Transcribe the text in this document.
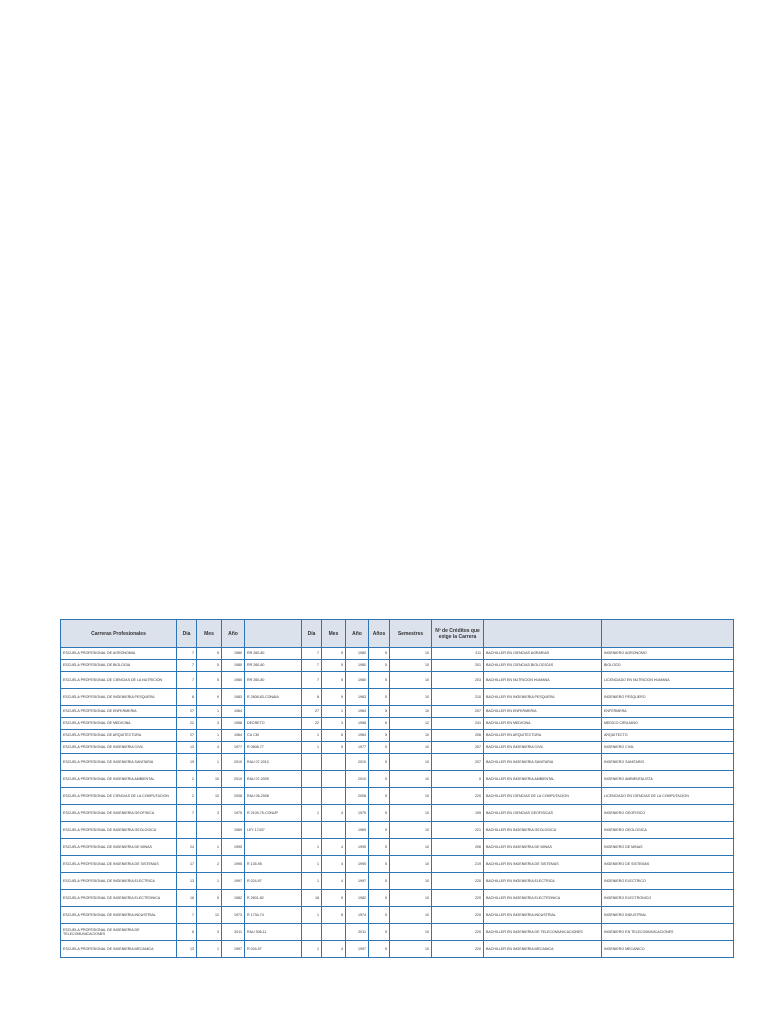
Carreras Profesionales	Día	Mes	Año		Día	Mes	Año	Años	Semestres	Nº de Créditos que exige la Carrera		
ESCUELA PROFESIONAL DE AGRONOMIA	7	5	1980	RR 260-80	7	5	1980	5	10	211	BACHILLER EN CIENCIAS AGRARIAS	INGENIERO AGRONOMO
ESCUELA PROFESIONAL DE BIOLOGIA	7	5	1980	RR 260-80	7	5	1980	5	10	201	BACHILLER EN CIENCIAS BIOLOGICAS	BIOLOGO
ESCUELA PROFESIONAL DE CIENCIAS DE LA NUTRICION	7	5	1980	RR 260-80	7	5	1980	5	10	203	BACHILLER EN NUTRICION HUMANA	LICENCIADO EN NUTRICION HUMANA
ESCUELA PROFESIONAL DE INGENIERIA PESQUERA	8	9	1983	R 2808-83-CONAIA	8	9	1983	5	10	210	BACHILLER EN INGENIERIA PESQUERA	INGENIERO PESQUERO
ESCUELA PROFESIONAL DE ENFERMERIA	27	1	1964		27	1	1964	5	10	207	BACHILLER EN ENFERMERIA	ENFERMERA
ESCUELA PROFESIONAL DE MEDICINA	22	3	1958	DECRETO	22	3	1958	6	12	241	BACHILLER EN MEDICINA	MEDICO CIRUJANO
ESCUELA PROFESIONAL DE ARQUITECTURA	27	1	1964	CU CM	1	6	1964	5	10	206	BACHILLER EN ARQUITECTURA	ARQUITECTO
ESCUELA PROFESIONAL DE INGENIERIA CIVIL	13	4	1977	R 0808-77	1	5	1977	5	10	207	BACHILLER EN INGENIERIA CIVIL	INGENIERO CIVIL
ESCUELA PROFESIONAL DE INGENIERIA SANITARIA	19	1	2010	RAU 07-2010			2010	5	10	207	BACHILLER EN INGENIERIA SANITARIA	INGENIERO SANITARIO
ESCUELA PROFESIONAL DE INGENIERIA AMBIENTAL	2	10	2010	RAU 07-2009			2010	5	10	0	BACHILLER EN INGENIERIA AMBIENTAL	INGENIERO AMBIENTALISTA
ESCUELA PROFESIONAL DE CIENCIAS DE LA COMPUTACION	2	10	2008	RAU 06-2008			2008	5	10	220	BACHILLER EN CIENCIAS DE LA COMPUTACION	LICENCIADO EN CIENCIAS DE LA COMPUTACION
ESCUELA PROFESIONAL DE INGENIERIA GEOFISICA	7	3	1975	R 2109-75-CONUP	1	4	1975	5	10	199	BACHILLER EN CIENCIAS GEOFISICAS	INGENIERO GEOFISICO
ESCUELA PROFESIONAL DE INGENIERIA GEOLOGICA			1969	LEY 17437			1969	5	10	221	BACHILLER EN INGENIERIA GEOLOGICA	INGENIERO GEOLOGICA
ESCUELA PROFESIONAL DE INGENIERIA DE MINAS	24	1	1995		1	4	1995	5	10	206	BACHILLER EN INGENIERIA DE MINAS	INGENIERO DE MINAS
ESCUELA PROFESIONAL DE INGENIERIA DE SISTEMAS	17	2	1995	R 135-95	1	4	1995	5	10	219	BACHILLER EN INGENIERIA DE SISTEMAS	INGENIERO DE SISTEMAS
ESCUELA PROFESIONAL DE INGENIERIA ELECTRICA	13	1	1997	R 024-97	1	4	1997	5	10	220	BACHILLER EN INGENIERIA ELECTRICA	INGENIERO ELECTRICO
ESCUELA PROFESIONAL DE INGENIERIA ELECTRONICA	16	5	1982	R 2601-82	18	5	1982	5	10	220	BACHILLER EN INGENIERIA ELECTRONICA	INGENIERO ELECTRONICO
ESCUELA PROFESIONAL DE INGENIERIA INDUSTRIAL	7	12	1973	R 1734-74	1	6	1974	5	10	220	BACHILLER EN INGENIERIA INDUSTRIAL	INGENIERO INDUSTRIAL
ESCUELA PROFESIONAL DE INGENIERIA DE TELECOMUNICACIONES	6	3	2011	RAU 306-11			2011	5	10	220	BACHILLER EN INGENIERIA DE TELECOMUNICACIONES	INGENIERO EN TELECOMUNICACIONES
ESCUELA PROFESIONAL DE INGENIERIA MECANICA	13	1	1997	R 024-97	1	4	1997	5	10	220	BACHILLER EN INGENIERIA MECANICA	INGENIERO MECANICO
